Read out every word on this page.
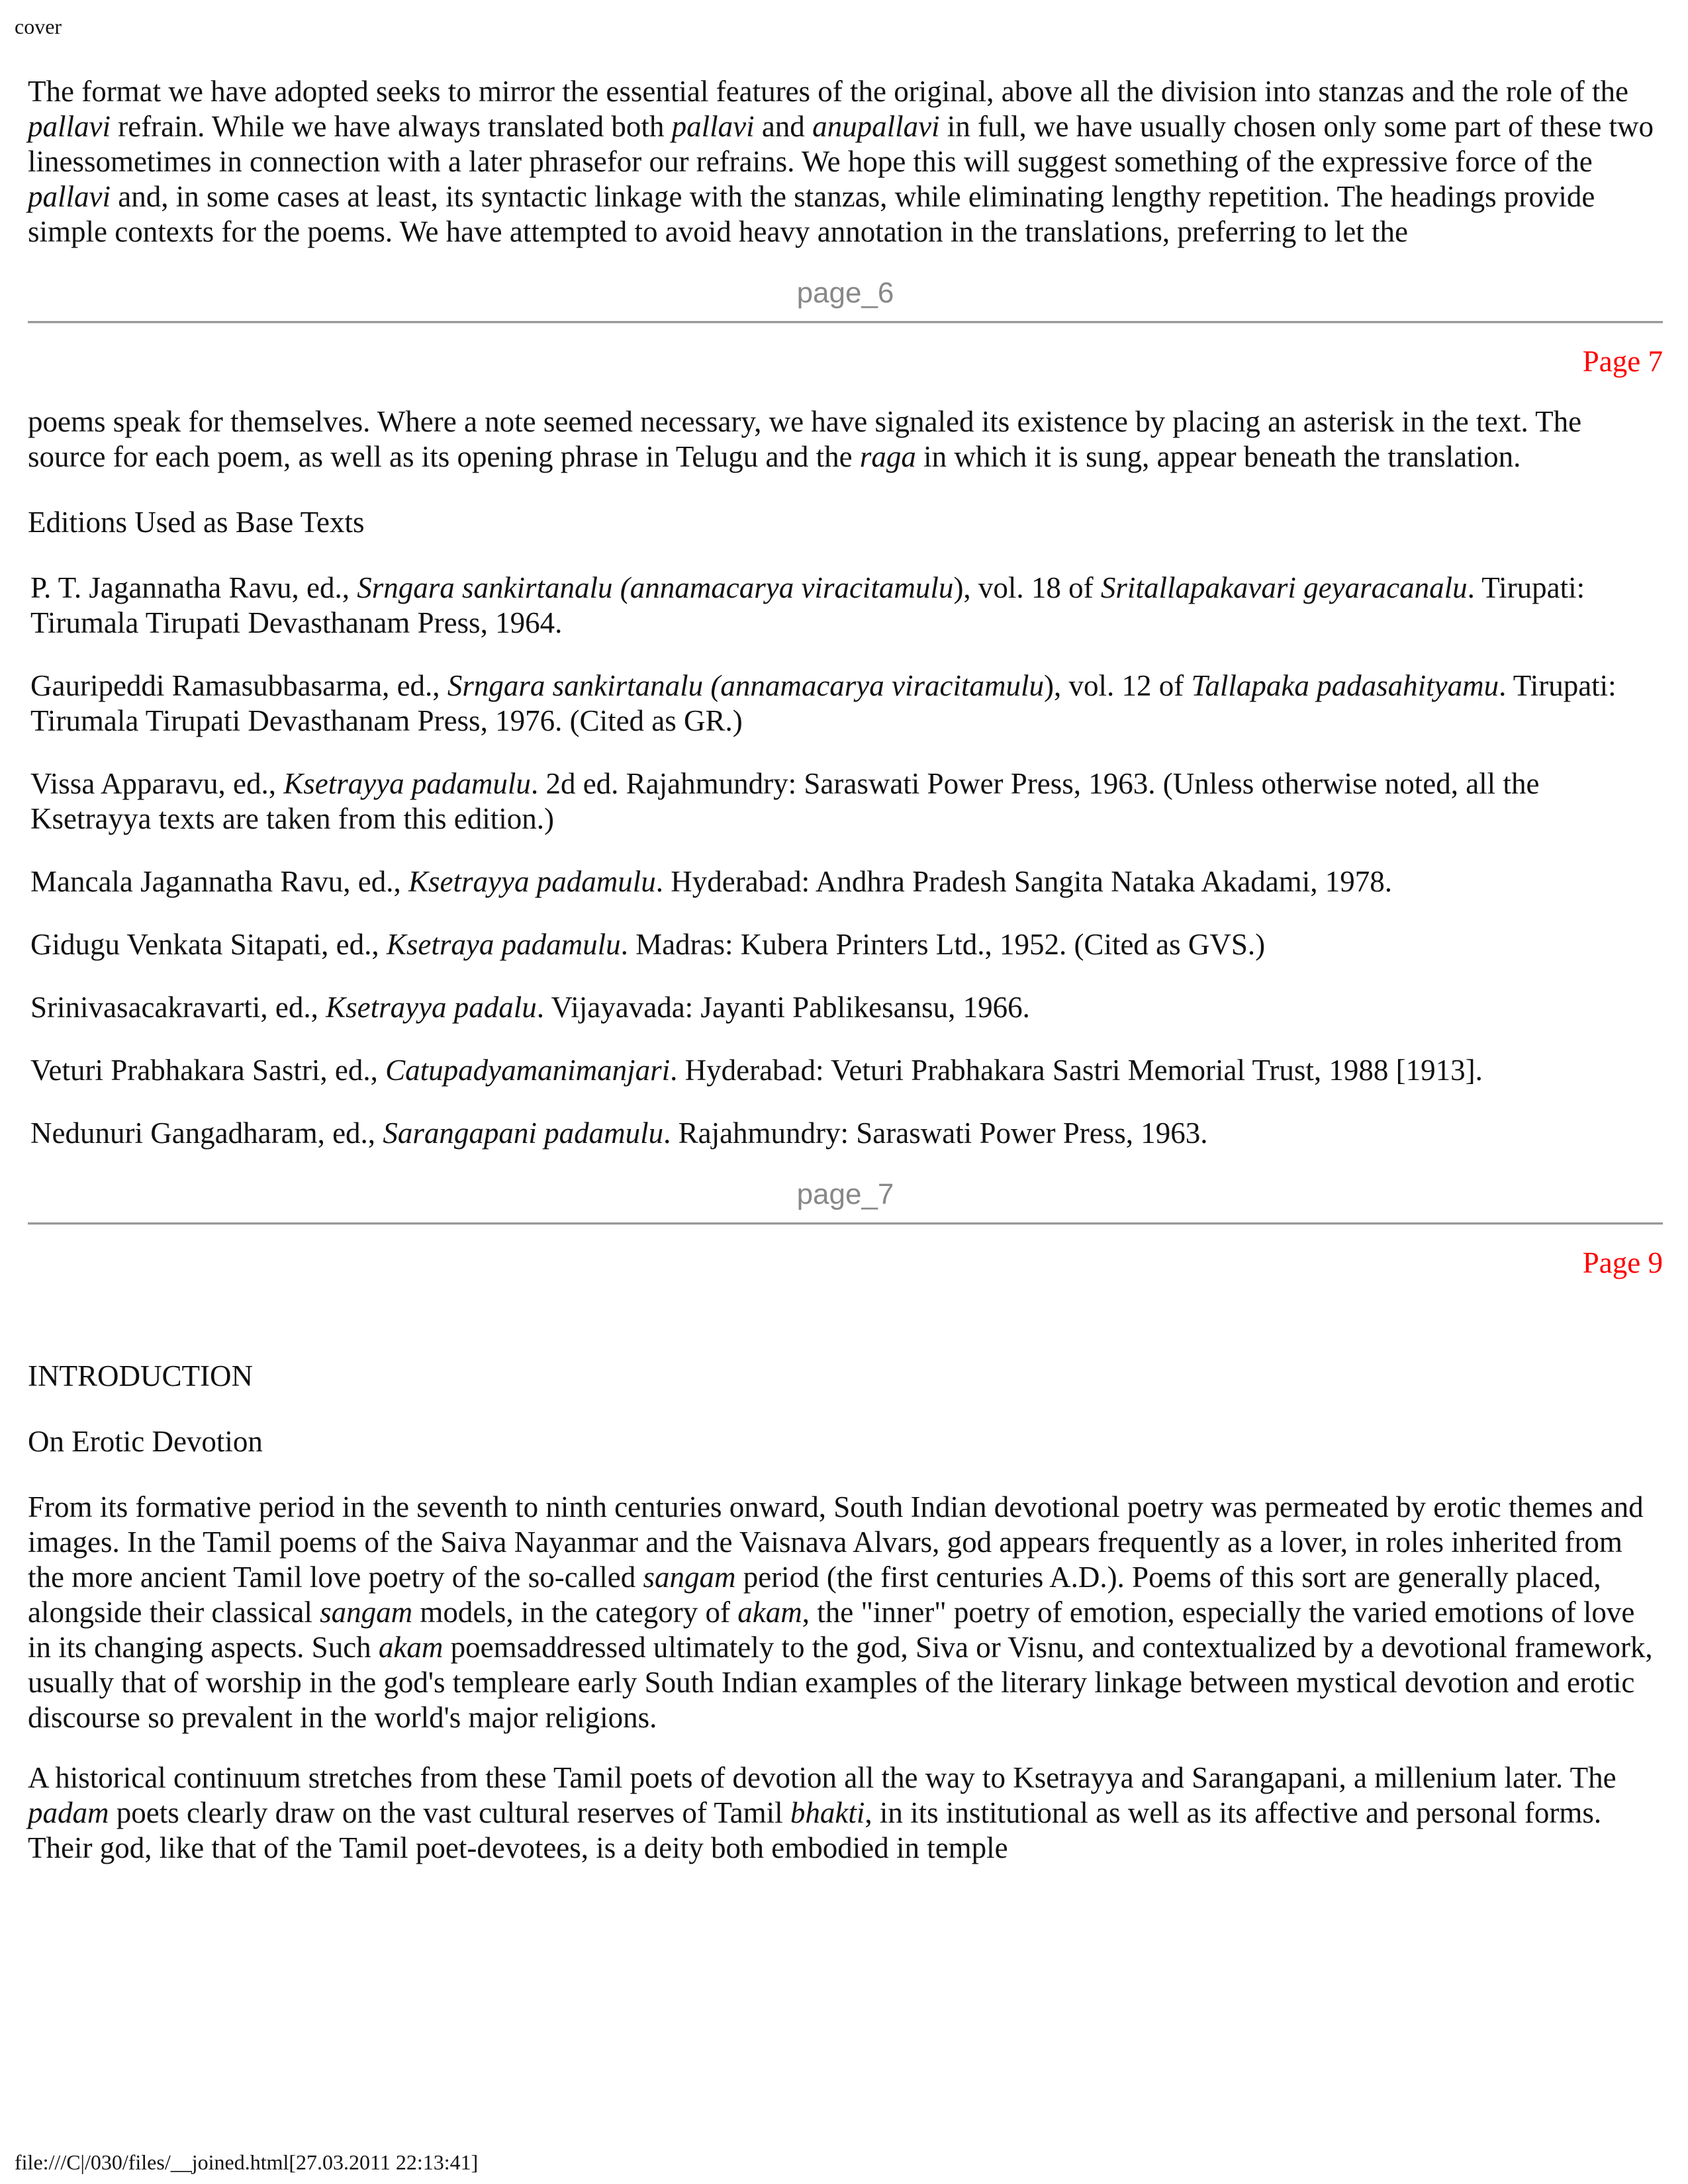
cover

The format we have adopted seeks to mirror the essential features of the original, above all the division into stanzas and the role of the pallavi refrain. While we have always translated both pallavi and anupallavi in full, we have usually chosen only some part of these two linessometimes in connection with a later phrasefor our refrains. We hope this will suggest something of the expressive force of the pallavi and, in some cases at least, its syntactic linkage with the stanzas, while eliminating lengthy repetition. The headings provide simple contexts for the poems. We have attempted to avoid heavy annotation in the translations, preferring to let the

page_6
Page 7

poems speak for themselves. Where a note seemed necessary, we have signaled its existence by placing an asterisk in the text. The source for each poem, as well as its opening phrase in Telugu and the raga in which it is sung, appear beneath the translation.

Editions Used as Base Texts

P. T. Jagannatha Ravu, ed., Srngara sankirtanalu (annamacarya viracitamulu), vol. 18 of Sritallapakavari geyaracanalu. Tirupati: Tirumala Tirupati Devasthanam Press, 1964.

Gauripeddi Ramasubbasarma, ed., Srngara sankirtanalu (annamacarya viracitamulu), vol. 12 of Tallapaka padasahityamu. Tirupati: Tirumala Tirupati Devasthanam Press, 1976. (Cited as GR.)

Vissa Apparavu, ed., Ksetrayya padamulu. 2d ed. Rajahmundry: Saraswati Power Press, 1963. (Unless otherwise noted, all the Ksetrayya texts are taken from this edition.)

Mancala Jagannatha Ravu, ed., Ksetrayya padamulu. Hyderabad: Andhra Pradesh Sangita Nataka Akadami, 1978.

Gidugu Venkata Sitapati, ed., Ksetraya padamulu. Madras: Kubera Printers Ltd., 1952. (Cited as GVS.)

Srinivasacakravarti, ed., Ksetrayya padalu. Vijayavada: Jayanti Pablikesansu, 1966.

Veturi Prabhakara Sastri, ed., Catupadyamanimanjari. Hyderabad: Veturi Prabhakara Sastri Memorial Trust, 1988 [1913].

Nedunuri Gangadharam, ed., Sarangapani padamulu. Rajahmundry: Saraswati Power Press, 1963.

page_7
Page 9

INTRODUCTION

On Erotic Devotion

From its formative period in the seventh to ninth centuries onward, South Indian devotional poetry was permeated by erotic themes and images. In the Tamil poems of the Saiva Nayanmar and the Vaisnava Alvars, god appears frequently as a lover, in roles inherited from the more ancient Tamil love poetry of the so-called sangam period (the first centuries A.D.). Poems of this sort are generally placed, alongside their classical sangam models, in the category of akam, the "inner" poetry of emotion, especially the varied emotions of love in its changing aspects. Such akam poemsaddressed ultimately to the god, Siva or Visnu, and contextualized by a devotional framework, usually that of worship in the god's templeare early South Indian examples of the literary linkage between mystical devotion and erotic discourse so prevalent in the world's major religions.

A historical continuum stretches from these Tamil poets of devotion all the way to Ksetrayya and Sarangapani, a millenium later. The padam poets clearly draw on the vast cultural reserves of Tamil bhakti, in its institutional as well as its affective and personal forms. Their god, like that of the Tamil poet-devotees, is a deity both embodied in temple

file:///C|/030/files/__joined.html[27.03.2011 22:13:41]
